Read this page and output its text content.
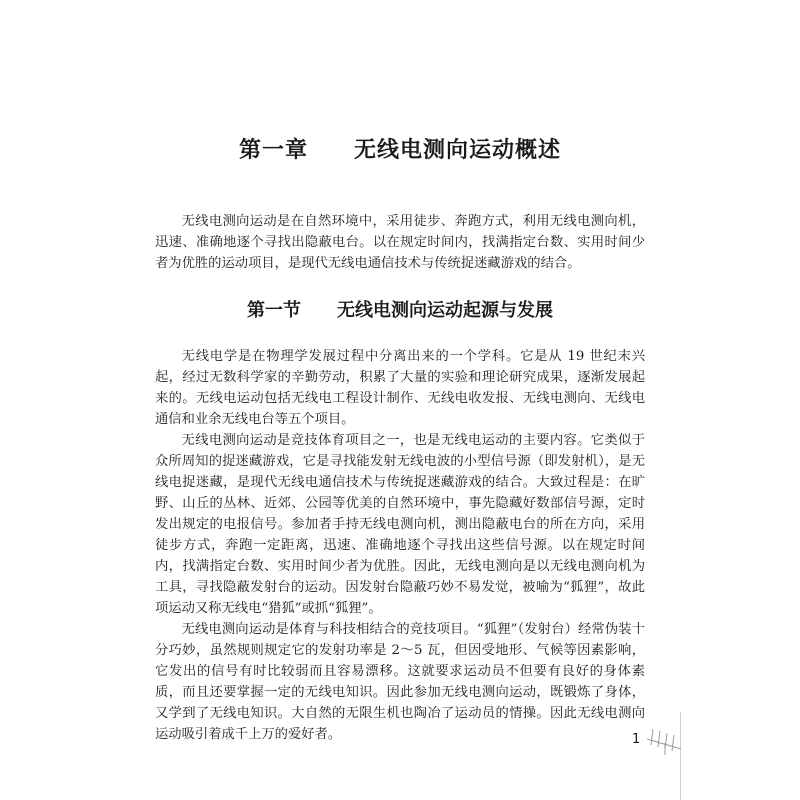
第一章　　无线电测向运动概述

无线电测向运动是在自然环境中，采用徒步、奔跑方式，利用无线电测向机，迅速、准确地逐个寻找出隐蔽电台。以在规定时间内，找满指定台数、实用时间少者为优胜的运动项目，是现代无线电通信技术与传统捉迷藏游戏的结合。

第一节　　无线电测向运动起源与发展

无线电学是在物理学发展过程中分离出来的一个学科。它是从 19 世纪末兴起，经过无数科学家的辛勤劳动，积累了大量的实验和理论研究成果，逐渐发展起来的。无线电运动包括无线电工程设计制作、无线电收发报、无线电测向、无线电通信和业余无线电台等五个项目。

无线电测向运动是竞技体育项目之一，也是无线电运动的主要内容。它类似于众所周知的捉迷藏游戏，它是寻找能发射无线电波的小型信号源（即发射机），是无线电捉迷藏，是现代无线电通信技术与传统捉迷藏游戏的结合。大致过程是：在旷野、山丘的丛林、近郊、公园等优美的自然环境中，事先隐藏好数部信号源，定时发出规定的电报信号。参加者手持无线电测向机，测出隐蔽电台的所在方向，采用徒步方式，奔跑一定距离，迅速、准确地逐个寻找出这些信号源。以在规定时间内，找满指定台数、实用时间少者为优胜。因此，无线电测向是以无线电测向机为工具，寻找隐蔽发射台的运动。因发射台隐蔽巧妙不易发觉，被喻为“狐狸”，故此项运动又称无线电“猎狐”或抓“狐狸”。

无线电测向运动是体育与科技相结合的竞技项目。“狐狸”（发射台）经常伪装十分巧妙，虽然规则规定它的发射功率是 2～5 瓦，但因受地形、气候等因素影响，它发出的信号有时比较弱而且容易漂移。这就要求运动员不但要有良好的身体素质，而且还要掌握一定的无线电知识。因此参加无线电测向运动，既锻炼了身体，又学到了无线电知识。大自然的无限生机也陶冶了运动员的情操。因此无线电测向运动吸引着成千上万的爱好者。	1
